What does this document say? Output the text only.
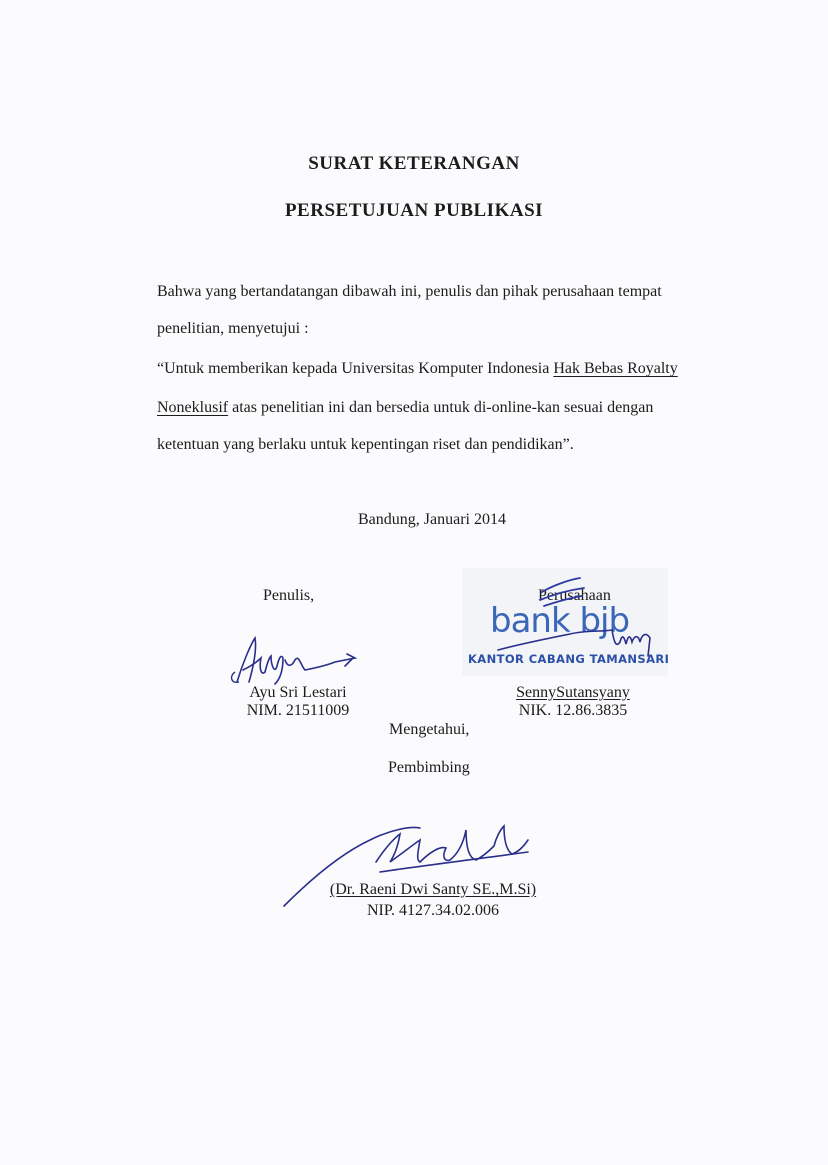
SURAT KETERANGAN
PERSETUJUAN PUBLIKASI
Bahwa yang bertandatangan dibawah ini, penulis dan pihak perusahaan tempat
penelitian, menyetujui :
“Untuk memberikan kepada Universitas Komputer Indonesia Hak Bebas Royalty
Noneklusif atas penelitian ini dan bersedia untuk di-online-kan sesuai dengan
ketentuan yang berlaku untuk kepentingan riset dan pendidikan”.
Bandung, Januari 2014
Penulis,
bank bjb
KANTOR CABANG TAMANSARI
Perusahaan
Ayu Sri Lestari
NIM. 21511009
SennySutansyany
NIK. 12.86.3835
Mengetahui,
Pembimbing
(Dr. Raeni Dwi Santy SE.,M.Si)
NIP. 4127.34.02.006
